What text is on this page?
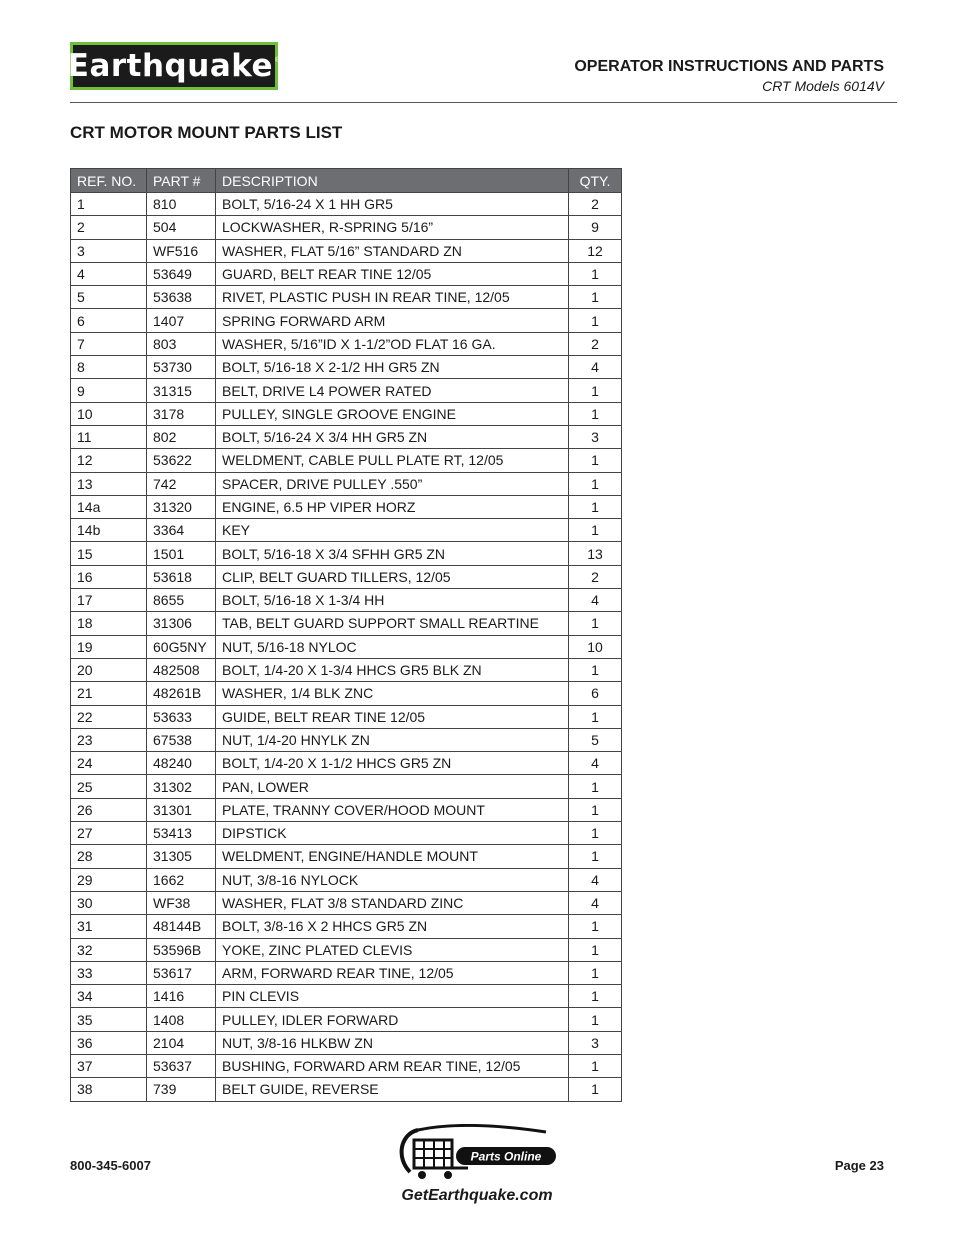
Earthquake ®	OPERATOR INSTRUCTIONS AND PARTS
CRT Models 6014V
CRT MOTOR MOUNT PARTS LIST
REF. NO.	PART #	DESCRIPTION	QTY.
1	810	BOLT, 5/16-24 X 1 HH GR5	2
2	504	LOCKWASHER, R-SPRING 5/16”	9
3	WF516	WASHER, FLAT 5/16” STANDARD ZN	12
4	53649	GUARD, BELT REAR TINE 12/05	1
5	53638	RIVET, PLASTIC PUSH IN REAR TINE, 12/05	1
6	1407	SPRING FORWARD ARM	1
7	803	WASHER, 5/16”ID X 1-1/2”OD FLAT 16 GA.	2
8	53730	BOLT, 5/16-18 X 2-1/2 HH GR5 ZN	4
9	31315	BELT, DRIVE L4 POWER RATED	1
10	3178	PULLEY, SINGLE GROOVE ENGINE	1
11	802	BOLT, 5/16-24 X 3/4 HH GR5 ZN	3
12	53622	WELDMENT, CABLE PULL PLATE RT, 12/05	1
13	742	SPACER, DRIVE PULLEY .550”	1
14a	31320	ENGINE, 6.5 HP VIPER HORZ	1
14b	3364	KEY	1
15	1501	BOLT, 5/16-18 X 3/4 SFHH GR5 ZN	13
16	53618	CLIP, BELT GUARD TILLERS, 12/05	2
17	8655	BOLT, 5/16-18 X 1-3/4 HH	4
18	31306	TAB, BELT GUARD SUPPORT SMALL REARTINE	1
19	60G5NY	NUT, 5/16-18 NYLOC	10
20	482508	BOLT, 1/4-20 X 1-3/4 HHCS GR5 BLK ZN	1
21	48261B	WASHER, 1/4 BLK ZNC	6
22	53633	GUIDE, BELT REAR TINE 12/05	1
23	67538	NUT, 1/4-20 HNYLK ZN	5
24	48240	BOLT, 1/4-20 X 1-1/2 HHCS GR5 ZN	4
25	31302	PAN, LOWER	1
26	31301	PLATE, TRANNY COVER/HOOD MOUNT	1
27	53413	DIPSTICK	1
28	31305	WELDMENT, ENGINE/HANDLE MOUNT	1
29	1662	NUT, 3/8-16 NYLOCK	4
30	WF38	WASHER, FLAT 3/8 STANDARD ZINC	4
31	48144B	BOLT, 3/8-16 X 2 HHCS GR5 ZN	1
32	53596B	YOKE, ZINC PLATED CLEVIS	1
33	53617	ARM, FORWARD REAR TINE, 12/05	1
34	1416	PIN CLEVIS	1
35	1408	PULLEY, IDLER FORWARD	1
36	2104	NUT, 3/8-16 HLKBW ZN	3
37	53637	BUSHING, FORWARD ARM REAR TINE, 12/05	1
38	739	BELT GUIDE, REVERSE	1
800-345-6007
Parts Online
GetEarthquake.com
Page 23
